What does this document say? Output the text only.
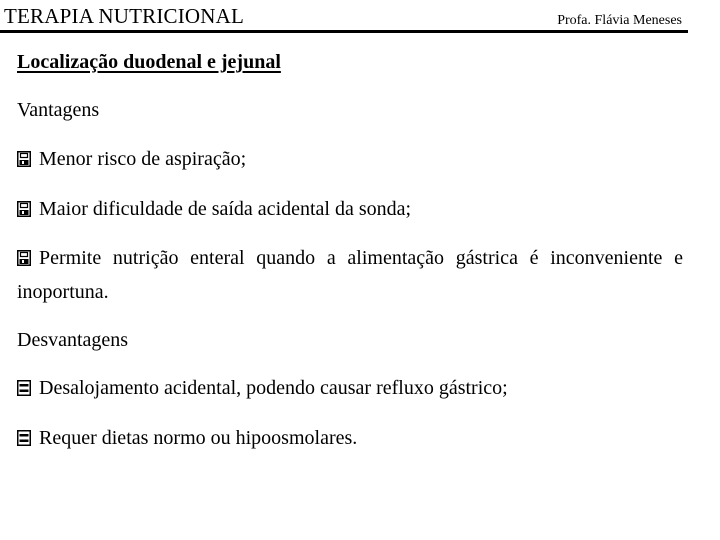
TERAPIA NUTRICIONAL	Profa. Flávia Meneses
Localização duodenal e jejunal
Vantagens
Menor risco de aspiração;
Maior dificuldade de saída acidental da sonda;
Permite nutrição enteral quando a alimentação gástrica é inconveniente e inoportuna.
Desvantagens
Desalojamento acidental, podendo causar refluxo gástrico;
Requer dietas normo ou hipoosmolares.
